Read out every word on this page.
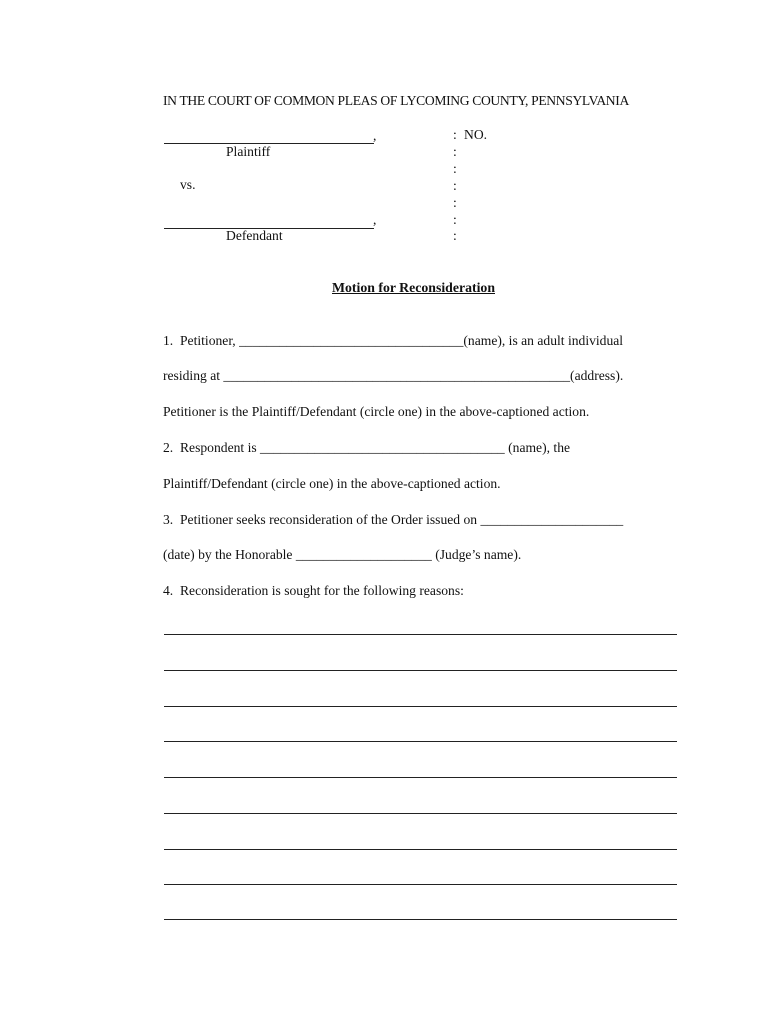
IN THE COURT OF COMMON PLEAS OF LYCOMING COUNTY, PENNSYLVANIA
,
Plaintiff
vs.
,
Defendant
:
:
:
:
:
:
:
NO.
Motion for Reconsideration
1.  Petitioner, _________________________________(name), is an adult individual
residing at ___________________________________________________(address).
Petitioner is the Plaintiff/Defendant (circle one) in the above-captioned action.
2.  Respondent is ____________________________________ (name), the
Plaintiff/Defendant (circle one) in the above-captioned action.
3.  Petitioner seeks reconsideration of the Order issued on _____________________
(date) by the Honorable ____________________ (Judge’s name).
4.  Reconsideration is sought for the following reasons:
